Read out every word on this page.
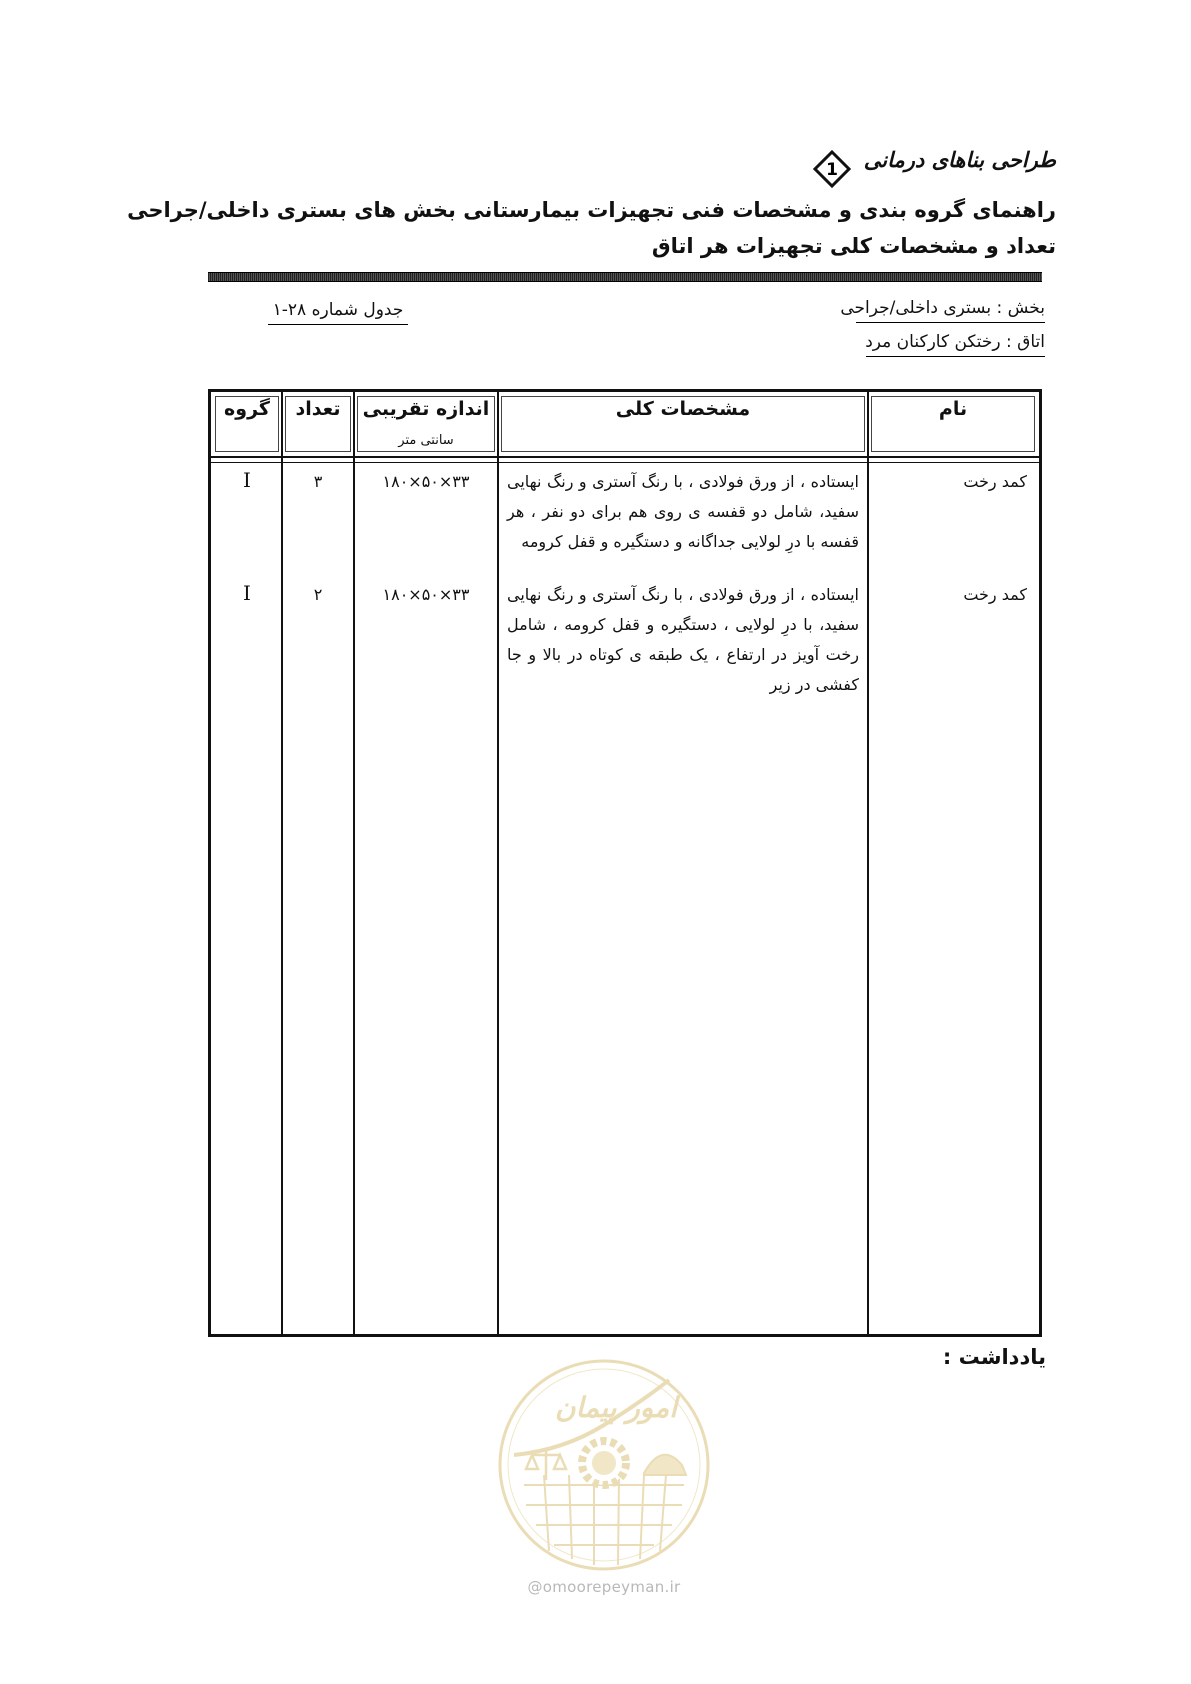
طراحی بناهای درمانی
1
راهنمای گروه بندی و مشخصات فنی تجهیزات بیمارستانی بخش های بستری داخلی/جراحی
تعداد و مشخصات کلی تجهیزات هر اتاق
بخش : بستری داخلی/جراحی
اتاق : رختکن کارکنان مرد
جدول شماره ۲۸-۱
نام
مشخصات کلی
اندازه تقریبی
سانتی متر
تعداد
گروه
کمد رخت
ایستاده ، از ورق فولادی ، با رنگ آستری و رنگ نهایی سفید، شامل دو قفسه ی روی هم برای دو نفر ، هر قفسه با درِ لولایی جداگانه و دستگیره و قفل کرومه
۳۳×۵۰×۱۸۰
۳
I
کمد رخت
ایستاده ، از ورق فولادی ، با رنگ آستری و رنگ نهایی سفید، با درِ لولایی ، دستگیره و قفل کرومه ، شامل رخت آویز در ارتفاع ، یک طبقه ی کوتاه در بالا و جا کفشی در زیر
۳۳×۵۰×۱۸۰
۲
I
یادداشت :
امور پیمان
@omoorepeyman.ir
